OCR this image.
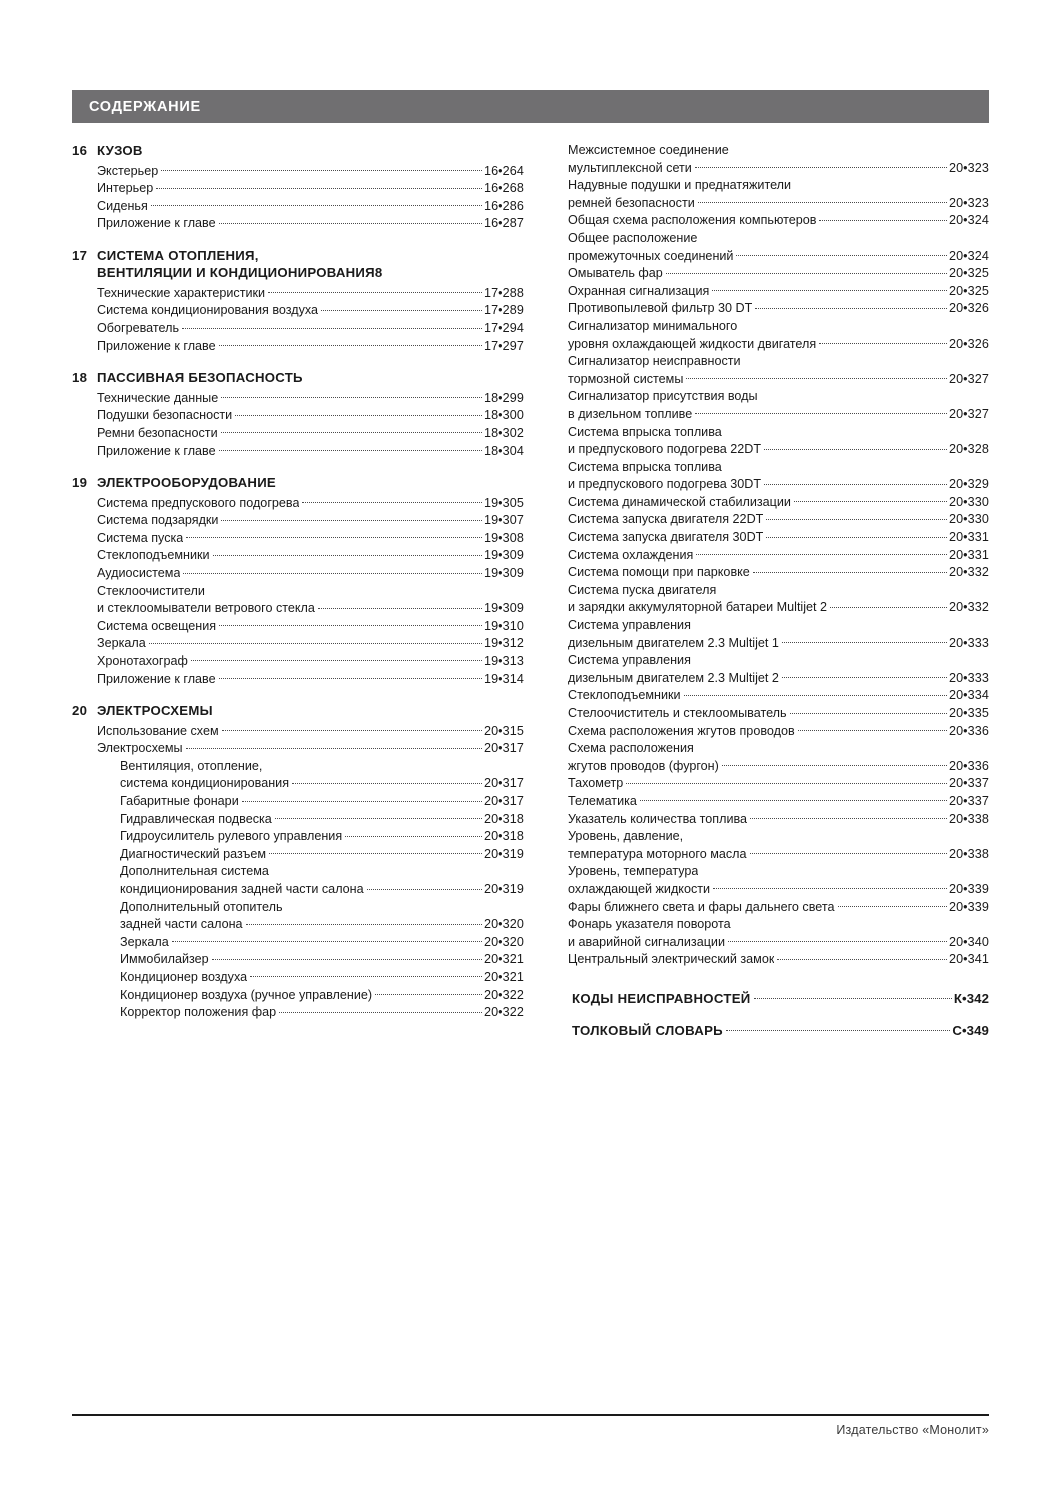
СОДЕРЖАНИЕ
16 КУЗОВ
Экстерьер	16•264
Интерьер	16•268
Сиденья	16•286
Приложение к главе	16•287
17 СИСТЕМА ОТОПЛЕНИЯ,
ВЕНТИЛЯЦИИ И КОНДИЦИОНИРОВАНИЯ8
Технические характеристики	17•288
Система кондиционирования воздуха	17•289
Обогреватель	17•294
Приложение к главе	17•297
18 ПАССИВНАЯ БЕЗОПАСНОСТЬ
Технические данные	18•299
Подушки безопасности	18•300
Ремни безопасности	18•302
Приложение к главе	18•304
19 ЭЛЕКТРООБОРУДОВАНИЕ
Система предпускового подогрева	19•305
Система подзарядки	19•307
Система пуска	19•308
Стеклоподъемники	19•309
Аудиосистема	19•309
Стеклоочистители
и стеклоомыватели ветрового стекла	19•309
Система освещения	19•310
Зеркала	19•312
Хронотахограф	19•313
Приложение к главе	19•314
20 ЭЛЕКТРОСХЕМЫ
Использование схем	20•315
Электросхемы	20•317
Вентиляция, отопление,
система кондиционирования	20•317
Габаритные фонари	20•317
Гидравлическая подвеска	20•318
Гидроусилитель рулевого управления	20•318
Диагностический разъем	20•319
Дополнительная система
кондиционирования задней части салона	20•319
Дополнительный отопитель
задней части салона	20•320
Зеркала	20•320
Иммобилайзер	20•321
Кондиционер воздуха	20•321
Кондиционер воздуха (ручное управление)	20•322
Корректор положения фар	20•322
Межсистемное соединение
мультиплексной сети	20•323
Надувные подушки и преднатяжители
ремней безопасности	20•323
Общая схема расположения компьютеров	20•324
Общее расположение
промежуточных соединений	20•324
Омыватель фар	20•325
Охранная сигнализация	20•325
Противопылевой фильтр 30 DT	20•326
Сигнализатор минимального
уровня охлаждающей жидкости двигателя	20•326
Сигнализатор неисправности
тормозной системы	20•327
Сигнализатор присутствия воды
в дизельном топливе	20•327
Система впрыска топлива
и предпускового подогрева 22DT	20•328
Система впрыска топлива
и предпускового подогрева 30DT	20•329
Система динамической стабилизации	20•330
Система запуска двигателя 22DT	20•330
Система запуска двигателя 30DT	20•331
Система охлаждения	20•331
Система помощи при парковке	20•332
Система пуска двигателя
и зарядки аккумуляторной батареи Multijet 2	20•332
Система управления
дизельным двигателем 2.3 Multijet 1	20•333
Система управления
дизельным двигателем 2.3 Multijet 2	20•333
Стеклоподъемники	20•334
Стелоочиститель и стеклоомыватель	20•335
Схема расположения жгутов проводов	20•336
Схема расположения
жгутов проводов (фургон)	20•336
Тахометр	20•337
Телематика	20•337
Указатель количества топлива	20•338
Уровень, давление,
температура моторного масла	20•338
Уровень, температура
охлаждающей жидкости	20•339
Фары ближнего света и фары дальнего света	20•339
Фонарь указателя поворота
и аварийной сигнализации	20•340
Центральный электрический замок	20•341
КОДЫ НЕИСПРАВНОСТЕЙ	К•342
ТОЛКОВЫЙ СЛОВАРЬ	С•349
Издательство «Монолит»
